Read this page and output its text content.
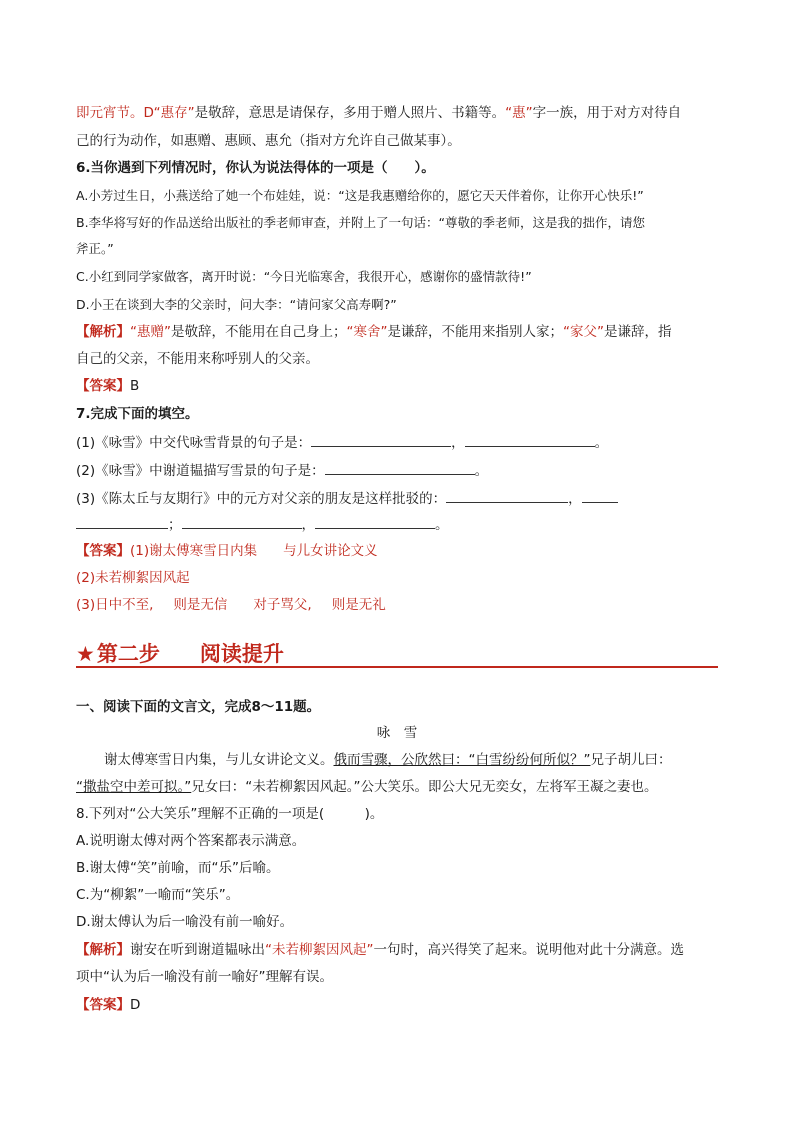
即元宵节。D“惠存”是敬辞，意思是请保存，多用于赠人照片、书籍等。“惠”字一族，用于对方对待自
己的行为动作，如惠赠、惠顾、惠允（指对方允许自己做某事）。
6.当你遇到下列情况时，你认为说法得体的一项是（　　）。
A.小芳过生日，小燕送给了她一个布娃娃，说：“这是我惠赠给你的，愿它天天伴着你，让你开心快乐!”
B.李华将写好的作品送给出版社的季老师审查，并附上了一句话：“尊敬的季老师，这是我的拙作，请您
斧正。”
C.小红到同学家做客，离开时说：“今日光临寒舍，我很开心，感谢你的盛情款待!”
D.小王在谈到大李的父亲时，问大李：“请问家父高寿啊?”
【解析】“惠赠”是敬辞，不能用在自己身上；“寒舍”是谦辞，不能用来指别人家；“家父”是谦辞，指
自己的父亲，不能用来称呼别人的父亲。
【答案】B
7.完成下面的填空。
(1)《咏雪》中交代咏雪背景的句子是：	，	。
(2)《咏雪》中谢道韫描写雪景的句子是：	。
(3)《陈太丘与友期行》中的元方对父亲的朋友是这样批驳的：	，
；	，	。
【答案】(1)谢太傅寒雪日内集 与儿女讲论文义
(2)未若柳絮因风起
(3)日中不至, 则是无信 对子骂父, 则是无礼
★第二步 阅读提升
一、阅读下面的文言文，完成8～11题。
咏　雪
谢太傅寒雪日内集，与儿女讲论文义。俄而雪骤，公欣然曰：“白雪纷纷何所似？”兄子胡儿曰：
“撒盐空中差可拟。”兄女曰：“未若柳絮因风起。”公大笑乐。即公大兄无奕女，左将军王凝之妻也。
8.下列对“公大笑乐”理解不正确的一项是(　　　)。
A.说明谢太傅对两个答案都表示满意。
B.谢太傅“笑”前喻，而“乐”后喻。
C.为“柳絮”一喻而“笑乐”。
D.谢太傅认为后一喻没有前一喻好。
【解析】谢安在听到谢道韫咏出“未若柳絮因风起”一句时，高兴得笑了起来。说明他对此十分满意。选
项中“认为后一喻没有前一喻好”理解有误。
【答案】D
